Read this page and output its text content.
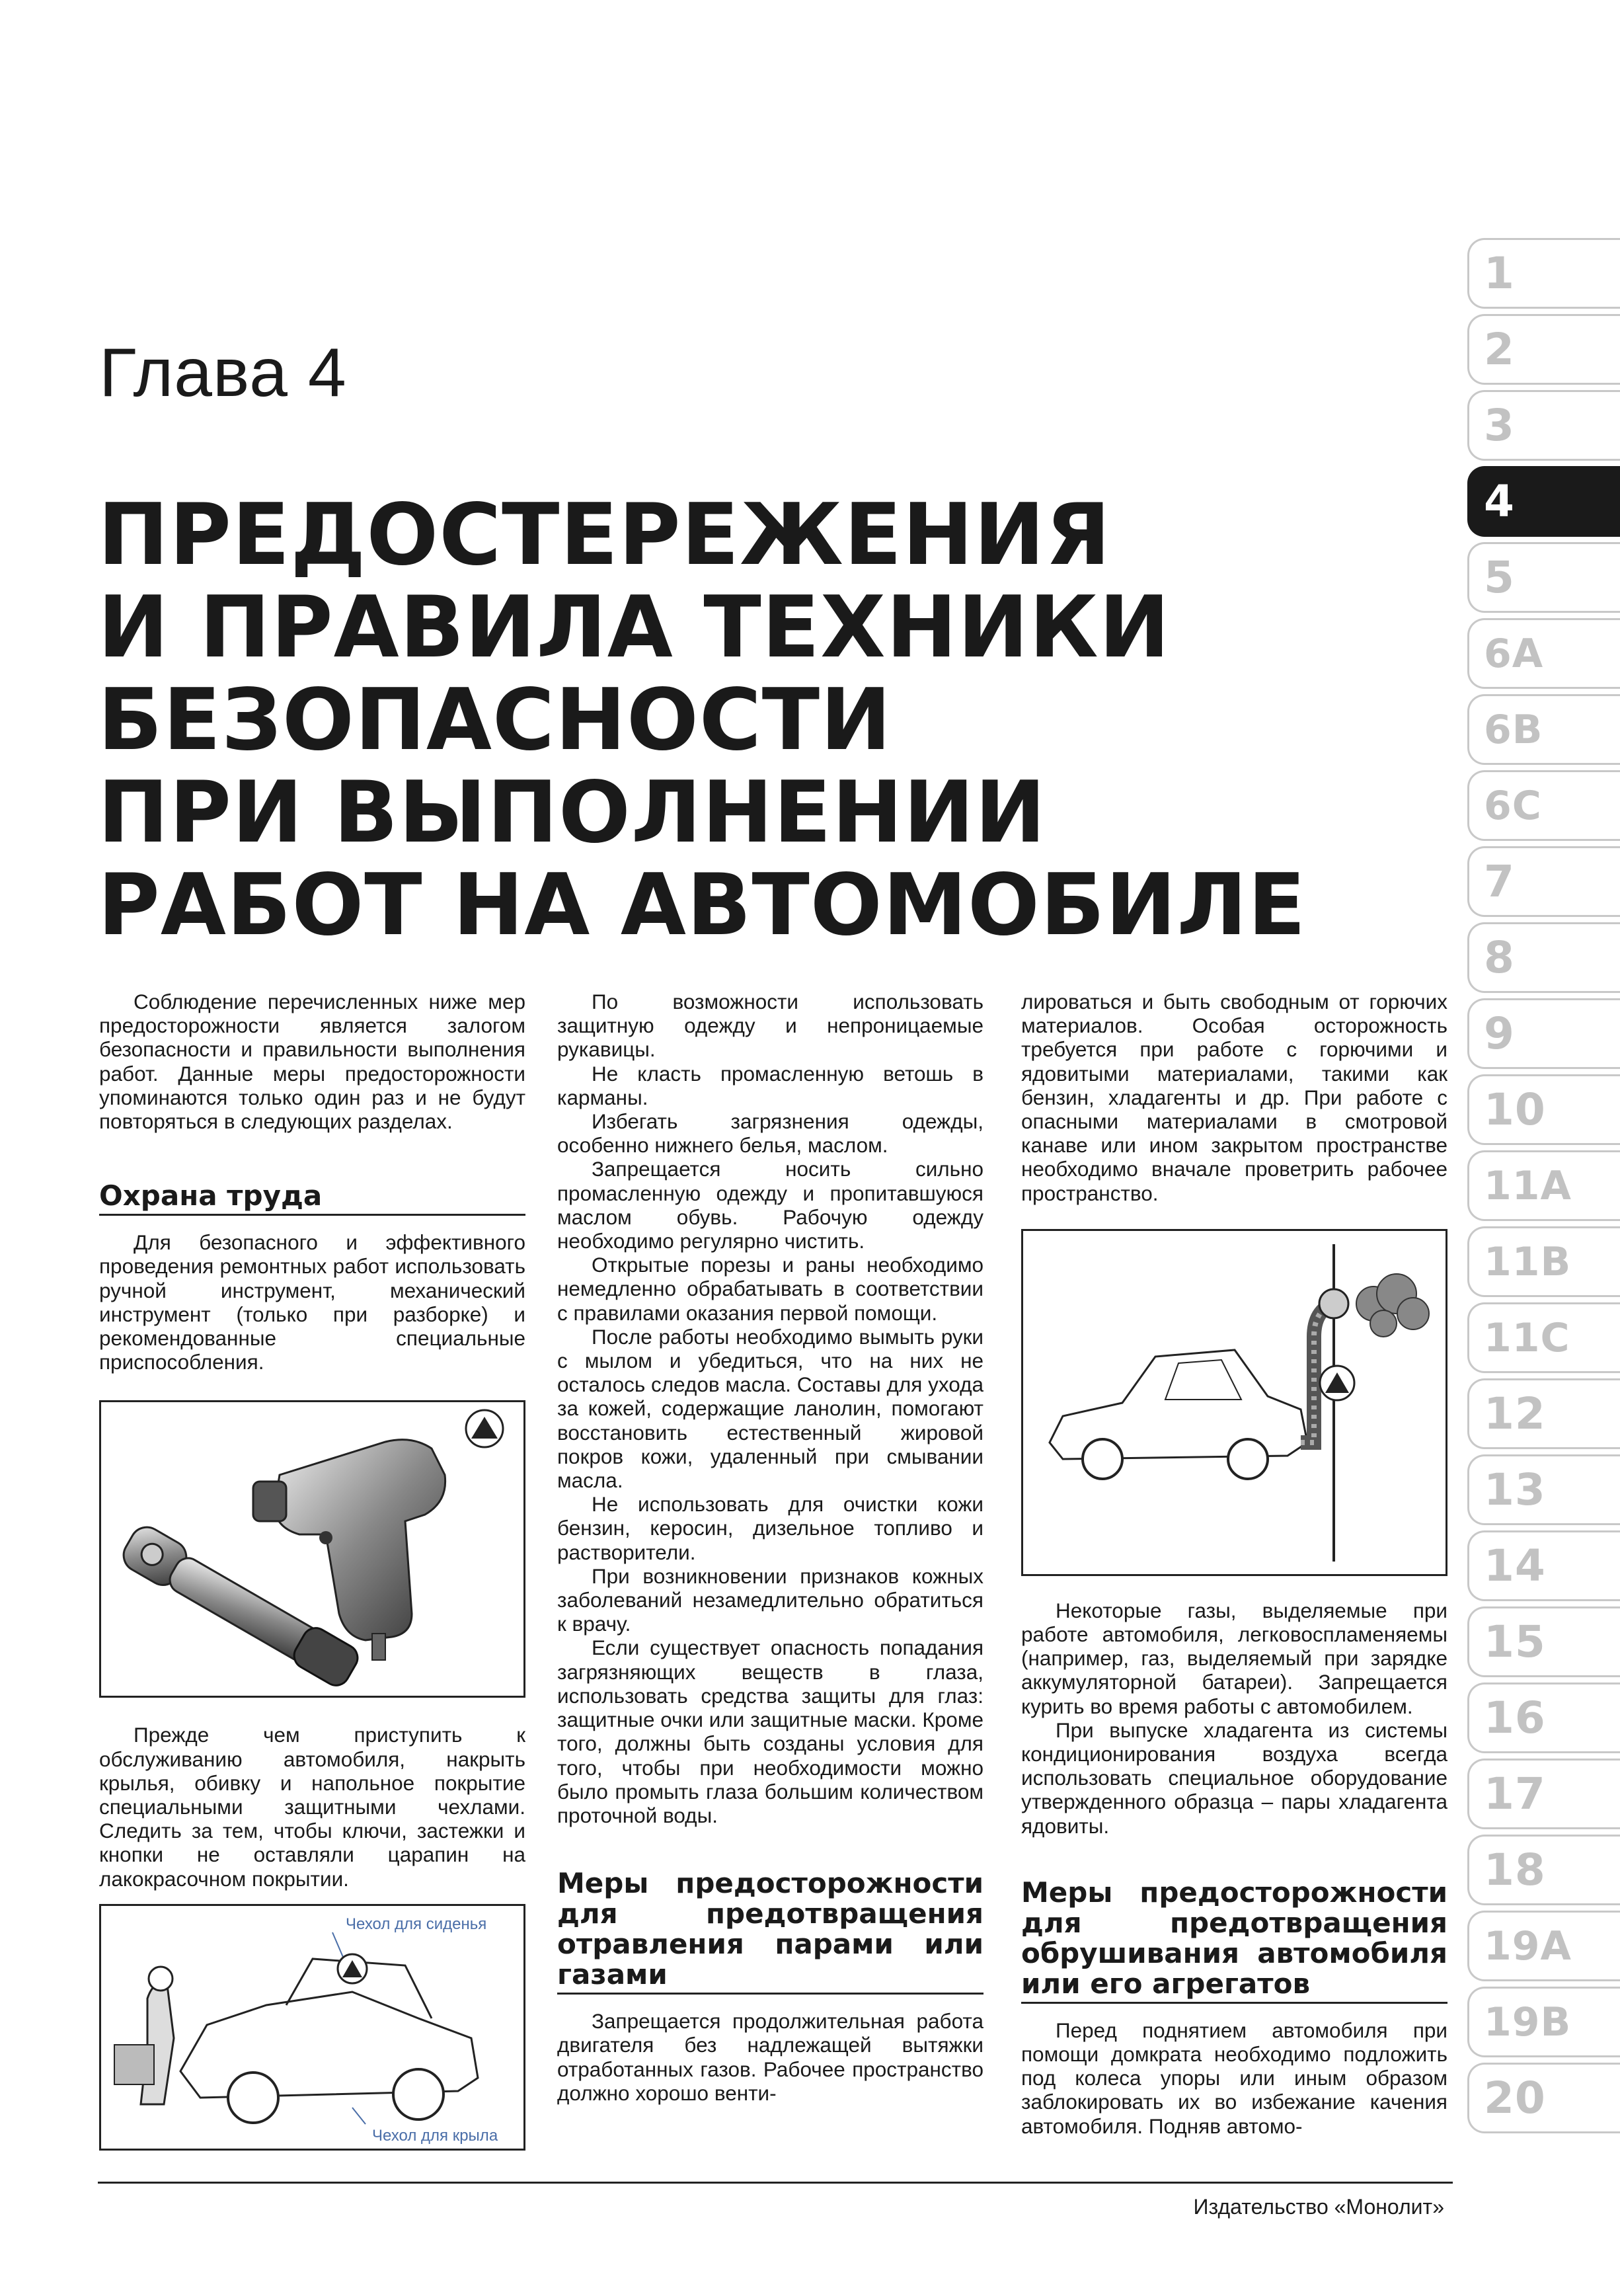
Глава 4
ПРЕДОСТЕРЕЖЕНИЯ
И ПРАВИЛА ТЕХНИКИ
БЕЗОПАСНОСТИ
ПРИ ВЫПОЛНЕНИИ
РАБОТ НА АВТОМОБИЛЕ

Соблюдение перечисленных ниже мер предосторожности является залогом безопасности и правильности выполнения работ. Данные меры предосторожности упоминаются только один раз и не будут повторяться в следующих разделах.

Охрана труда

Для безопасного и эффективного проведения ремонтных работ использовать ручной инструмент, механический инструмент (только при разборке) и рекомендованные специальные приспособления.

Прежде чем приступить к обслуживанию автомобиля, накрыть крылья, обивку и напольное покрытие специальными защитными чехлами. Следить за тем, чтобы ключи, застежки и кнопки не оставляли царапин на лакокрасочном покрытии.

Чехол для сиденья
Чехол для крыла

По возможности использовать защитную одежду и непроницаемые рукавицы.

Не класть промасленную ветошь в карманы.

Избегать загрязнения одежды, особенно нижнего белья, маслом.

Запрещается носить сильно промасленную одежду и пропитавшуюся маслом обувь. Рабочую одежду необходимо регулярно чистить.

Открытые порезы и раны необходимо немедленно обрабатывать в соответствии с правилами оказания первой помощи.

После работы необходимо вымыть руки с мылом и убедиться, что на них не осталось следов масла. Составы для ухода за кожей, содержащие ланолин, помогают восстановить естественный жировой покров кожи, удаленный при смывании масла.

Не использовать для очистки кожи бензин, керосин, дизельное топливо и растворители.

При возникновении признаков кожных заболеваний незамедлительно обратиться к врачу.

Если существует опасность попадания загрязняющих веществ в глаза, использовать средства защиты для глаз: защитные очки или защитные маски. Кроме того, должны быть созданы условия для того, чтобы при необходимости можно было промыть глаза большим количеством проточной воды.

Меры предосторожности для предотвращения отравления парами или газами

Запрещается продолжительная работа двигателя без надлежащей вытяжки отработанных газов. Рабочее пространство должно хорошо венти-

лироваться и быть свободным от горючих материалов. Особая осторожность требуется при работе с горючими и ядовитыми материалами, такими как бензин, хладагенты и др. При работе с опасными материалами в смотровой канаве или ином закрытом пространстве необходимо вначале проветрить рабочее пространство.

Некоторые газы, выделяемые при работе автомобиля, легковоспламеняемы (например, газ, выделяемый при зарядке аккумуляторной батареи). Запрещается курить во время работы с автомобилем.

При выпуске хладагента из системы кондиционирования воздуха всегда использовать специальное оборудование утвержденного образца – пары хладагента ядовиты.

Меры предосторожности для предотвращения обрушивания автомобиля или его агрегатов

Перед поднятием автомобиля при помощи домкрата необходимо подложить под колеса упоры или иным образом заблокировать их во избежание качения автомобиля. Подняв автомо-

1
2
3
4
5
6A
6B
6C
7
8
9
10
11A
11B
11C
12
13
14
15
16
17
18
19A
19B
20
Издательство «Монолит»
